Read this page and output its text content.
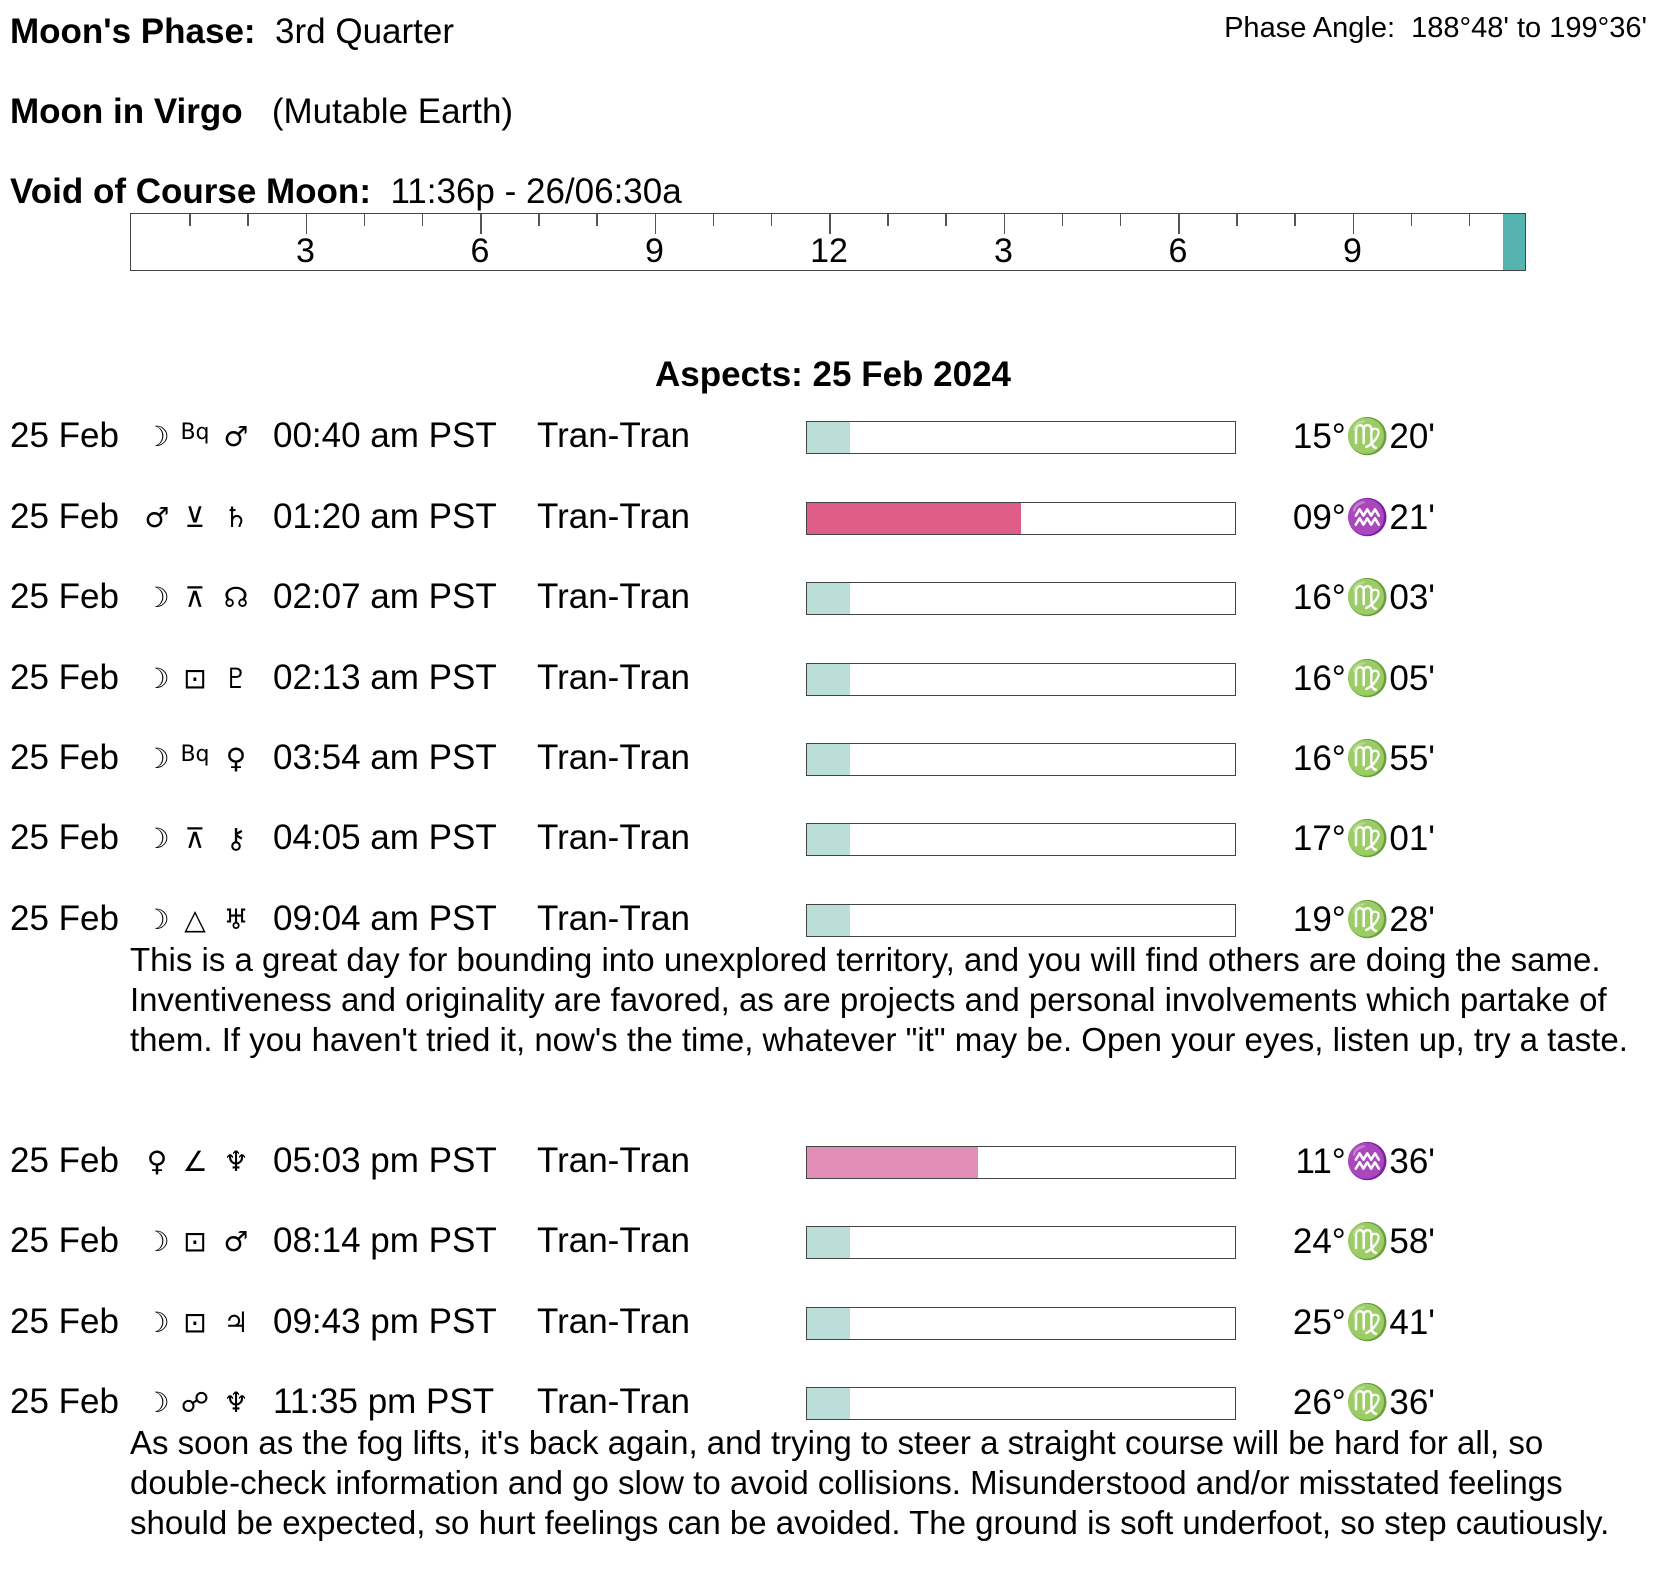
Moon's Phase: 3rd Quarter	Phase Angle: 188°48' to 199°36'
Moon in Virgo (Mutable Earth)
Void of Course Moon: 11:36p - 26/06:30a
3	6	9	12	3	6	9
Aspects: 25 Feb 2024
25 Feb ☽ Bq ♂ 00:40 am PST Tran-Tran	15°♍20'
25 Feb ♂ ⊻ ♄ 01:20 am PST Tran-Tran	09°♒21'
25 Feb ☽ ⊼ ☊ 02:07 am PST Tran-Tran	16°♍03'
25 Feb ☽ ⊡ ♇ 02:13 am PST Tran-Tran	16°♍05'
25 Feb ☽ Bq ♀ 03:54 am PST Tran-Tran	16°♍55'
25 Feb ☽ ⊼ ⚷ 04:05 am PST Tran-Tran	17°♍01'
25 Feb ☽ △ ♅ 09:04 am PST Tran-Tran	19°♍28'
This is a great day for bounding into unexplored territory, and you will find others are doing the same. Inventiveness and originality are favored, as are projects and personal involvements which partake of them. If you haven't tried it, now's the time, whatever "it" may be. Open your eyes, listen up, try a taste.
25 Feb ♀ ∠ ♆ 05:03 pm PST Tran-Tran	11°♒36'
25 Feb ☽ ⊡ ♂ 08:14 pm PST Tran-Tran	24°♍58'
25 Feb ☽ ⊡ ♃ 09:43 pm PST Tran-Tran	25°♍41'
25 Feb ☽ ☍ ♆ 11:35 pm PST Tran-Tran	26°♍36'
As soon as the fog lifts, it's back again, and trying to steer a straight course will be hard for all, so double-check information and go slow to avoid collisions. Misunderstood and/or misstated feelings should be expected, so hurt feelings can be avoided. The ground is soft underfoot, so step cautiously.
